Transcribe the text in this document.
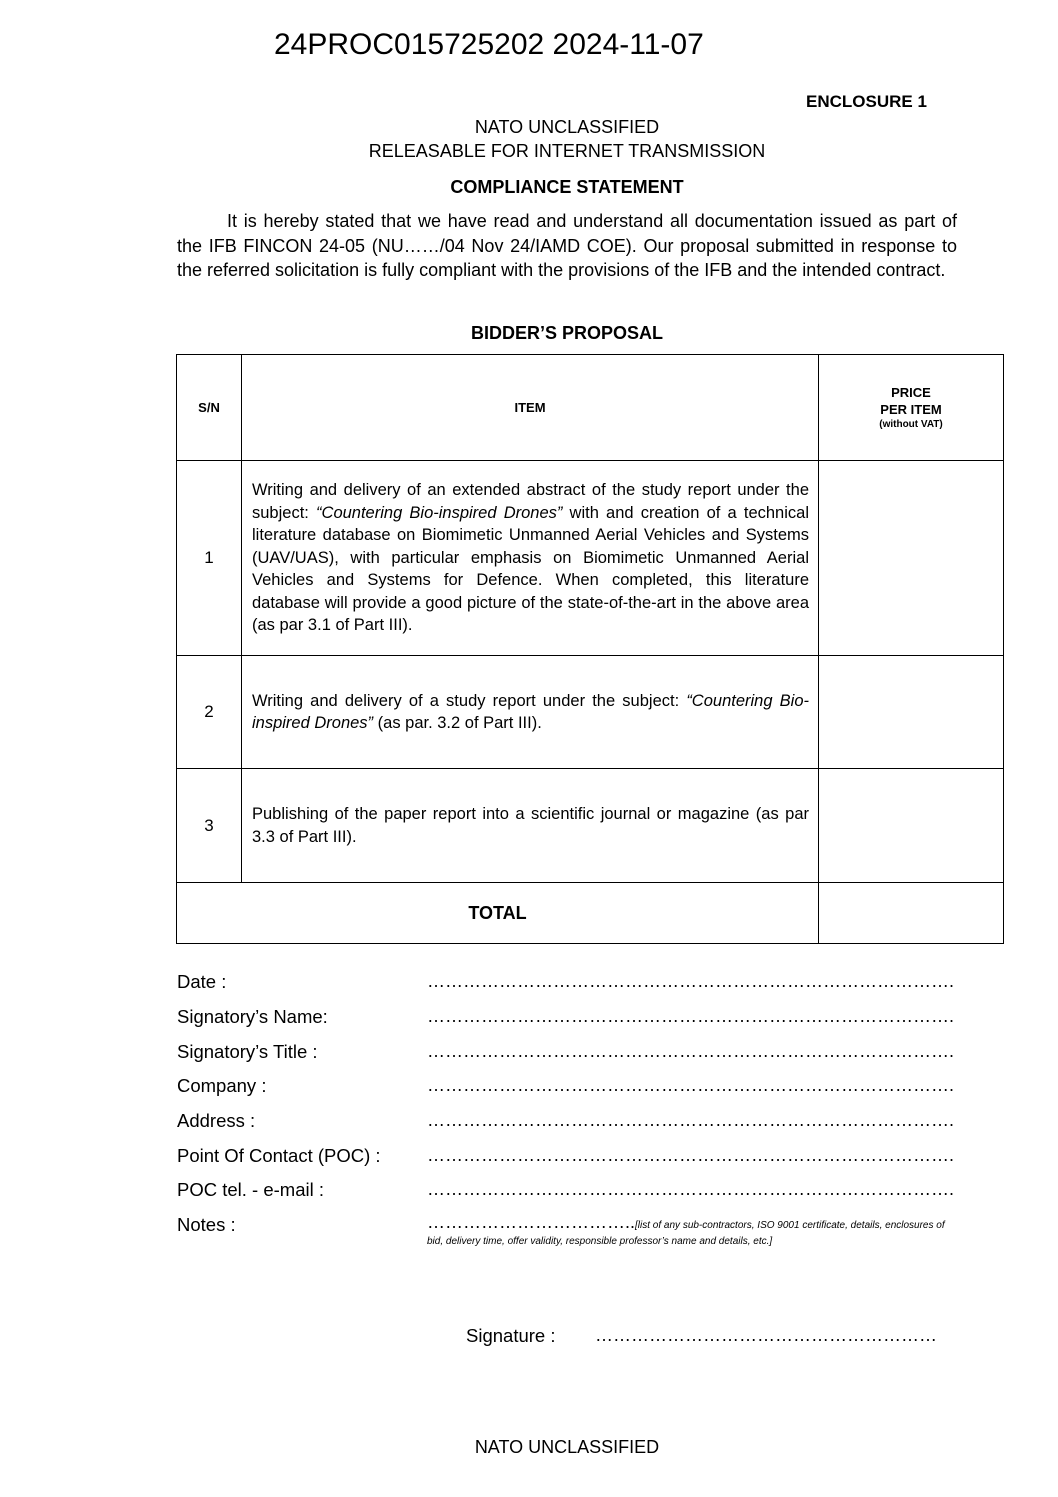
24PROC015725202 2024-11-07
ENCLOSURE 1
NATO UNCLASSIFIED
RELEASABLE FOR INTERNET TRANSMISSION
COMPLIANCE STATEMENT
It is hereby stated that we have read and understand all documentation issued as part of the IFB FINCON 24-05 (NU……/04 Nov 24/IAMD COE). Our proposal submitted in response to the referred solicitation is fully compliant with the provisions of the IFB and the intended contract.
BIDDER’S PROPOSAL
S/N	ITEM	PRICE
PER ITEM
(without VAT)

1	Writing and delivery of an extended abstract of the study report under the subject: “Countering Bio-inspired Drones” with and creation of a technical literature database on Biomimetic Unmanned Aerial Vehicles and Systems (UAV/UAS), with particular emphasis on Biomimetic Unmanned Aerial Vehicles and Systems for Defence. When completed, this literature database will provide a good picture of the state-of-the-art in the above area (as par 3.1 of Part III).	
2	Writing and delivery of a study report under the subject: “Countering Bio-inspired Drones” (as par. 3.2 of Part III).	
3	Publishing of the paper report into a scientific journal or magazine (as par 3.3 of Part III).	
TOTAL		
Date :	…………………………………………………………………………….
Signatory’s Name:	…………………………………………………………………………….
Signatory’s Title :	…………………………………………………………………………….
Company :	…………………………………………………………………………….
Address :	…………………………………………………………………………….
Point Of Contact (POC) :	…………………………………………………………………………….
POC tel. - e-mail :	…………………………………………………………………………….
Notes :	……………………………..[list of any sub-contractors, ISO 9001 certificate, details, enclosures of bid, delivery time, offer validity, responsible professor’s name and details, etc.]
Signature : …………………………………………………
NATO UNCLASSIFIED
